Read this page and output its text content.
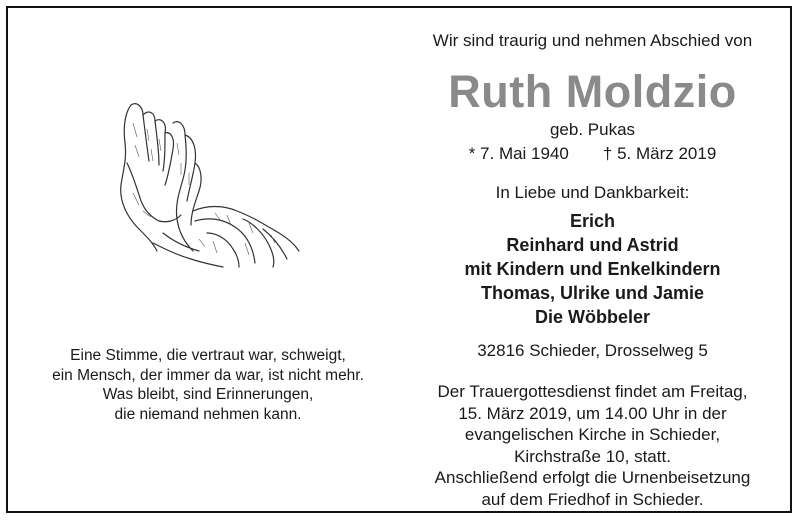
Eine Stimme, die vertraut war, schweigt,
ein Mensch, der immer da war, ist nicht mehr.
Was bleibt, sind Erinnerungen,
die niemand nehmen kann.
Wir sind traurig und nehmen Abschied von
Ruth Moldzio
geb. Pukas
* 7. Mai 1940 † 5. März 2019
In Liebe und Dankbarkeit:
Erich
Reinhard und Astrid
mit Kindern und Enkelkindern
Thomas, Ulrike und Jamie
Die Wöbbeler
32816 Schieder, Drosselweg 5
Der Trauergottesdienst findet am Freitag,
15. März 2019, um 14.00 Uhr in der
evangelischen Kirche in Schieder,
Kirchstraße 10, statt.
Anschließend erfolgt die Urnenbeisetzung
auf dem Friedhof in Schieder.
